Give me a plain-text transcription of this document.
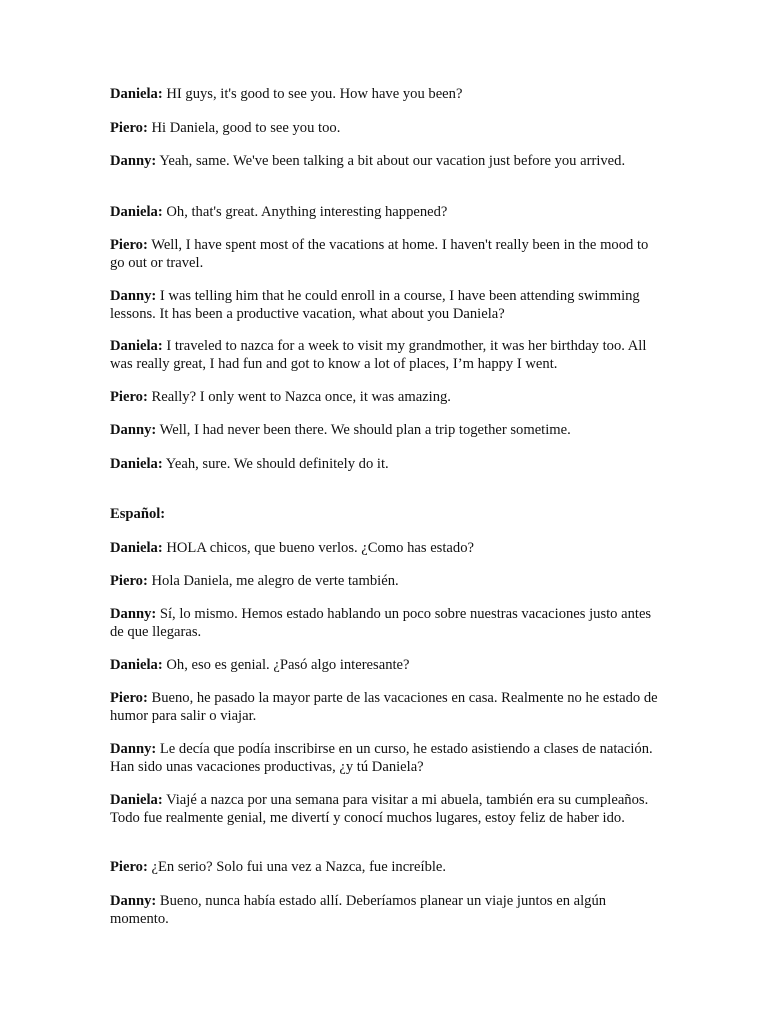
Daniela: HI guys, it's good to see you. How have you been?

Piero: Hi Daniela, good to see you too.

Danny: Yeah, same. We've been talking a bit about our vacation just before you arrived.

Daniela: Oh, that's great. Anything interesting happened?

Piero: Well, I have spent most of the vacations at home. I haven't really been in the mood to go out or travel.

Danny: I was telling him that he could enroll in a course, I have been attending swimming lessons. It has been a productive vacation, what about you Daniela?

Daniela: I traveled to nazca for a week to visit my grandmother, it was her birthday too. All was really great, I had fun and got to know a lot of places, I’m happy I went.

Piero: Really? I only went to Nazca once, it was amazing.

Danny: Well, I had never been there. We should plan a trip together sometime.

Daniela: Yeah, sure. We should definitely do it.

Español:

Daniela: HOLA chicos, que bueno verlos. ¿Como has estado?

Piero: Hola Daniela, me alegro de verte también.

Danny: Sí, lo mismo. Hemos estado hablando un poco sobre nuestras vacaciones justo antes de que llegaras.

Daniela: Oh, eso es genial. ¿Pasó algo interesante?

Piero: Bueno, he pasado la mayor parte de las vacaciones en casa. Realmente no he estado de humor para salir o viajar.

Danny: Le decía que podía inscribirse en un curso, he estado asistiendo a clases de natación. Han sido unas vacaciones productivas, ¿y tú Daniela?

Daniela: Viajé a nazca por una semana para visitar a mi abuela, también era su cumpleaños. Todo fue realmente genial, me divertí y conocí muchos lugares, estoy feliz de haber ido.

Piero: ¿En serio? Solo fui una vez a Nazca, fue increíble.

Danny: Bueno, nunca había estado allí. Deberíamos planear un viaje juntos en algún momento.
